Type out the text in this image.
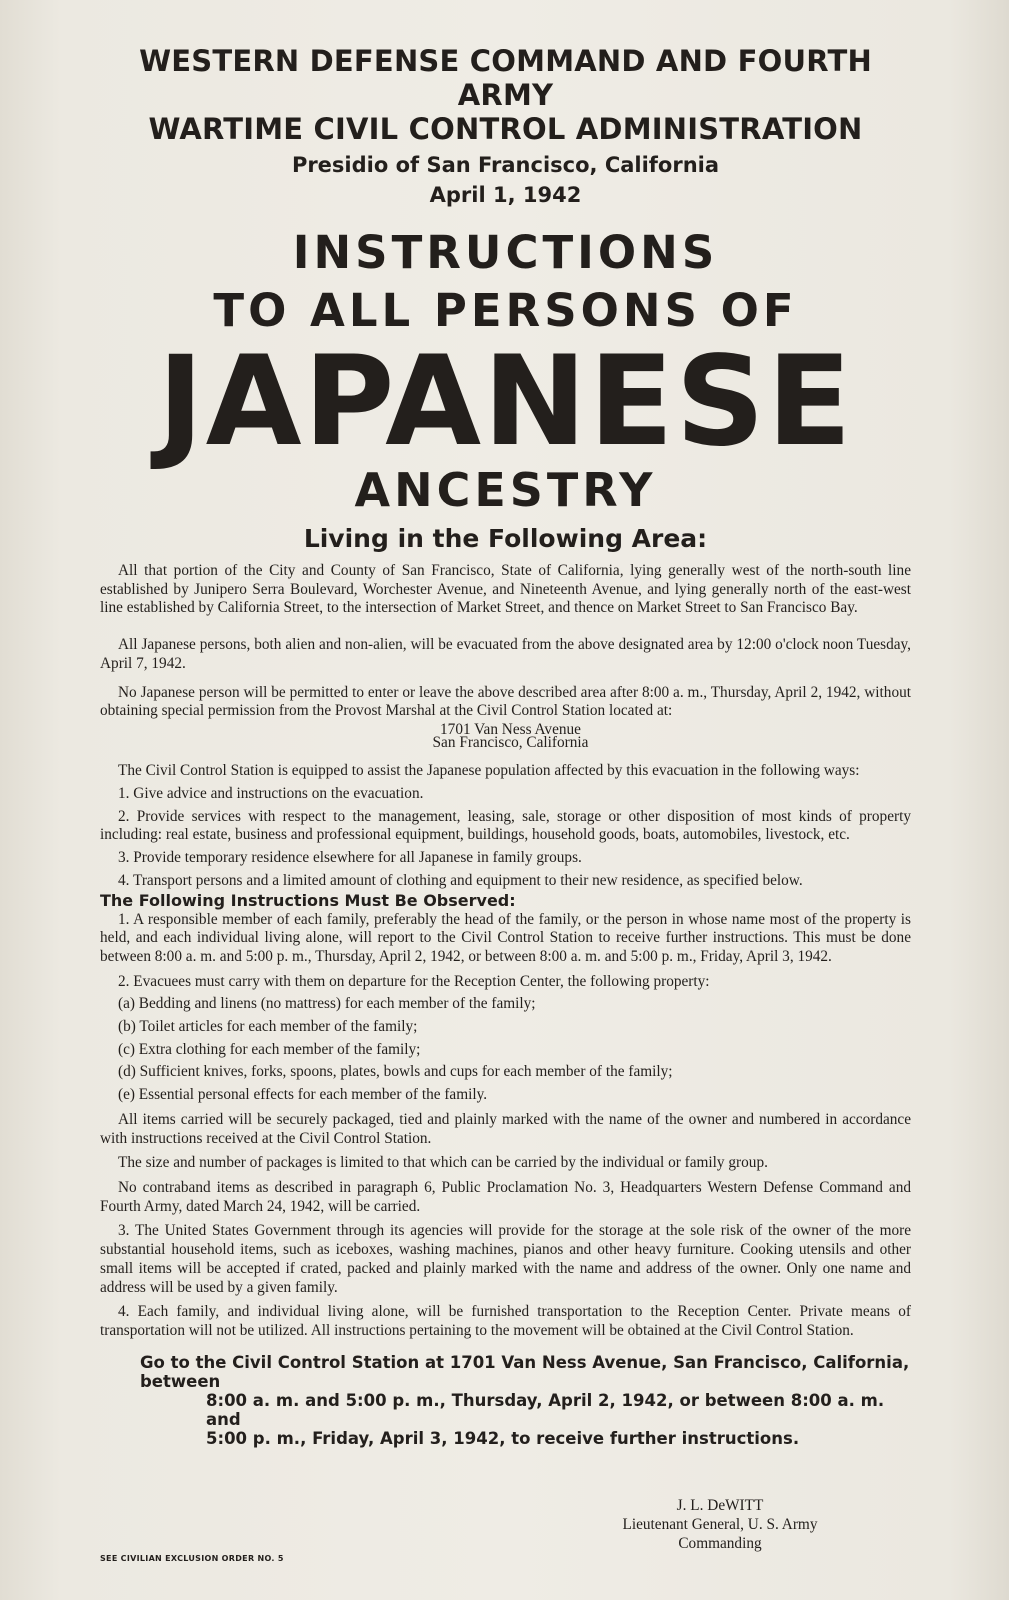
WESTERN DEFENSE COMMAND AND FOURTH ARMY
WARTIME CIVIL CONTROL ADMINISTRATION
Presidio of San Francisco, California
April 1, 1942
INSTRUCTIONS
TO ALL PERSONS OF
JAPANESE
ANCESTRY
Living in the Following Area:

All that portion of the City and County of San Francisco, State of California, lying generally west of the north-south line established by Junipero Serra Boulevard, Worchester Avenue, and Nineteenth Avenue, and lying generally north of the east-west line established by California Street, to the intersection of Market Street, and thence on Market Street to San Francisco Bay.

All Japanese persons, both alien and non-alien, will be evacuated from the above designated area by 12:00 o'clock noon Tuesday, April 7, 1942.

No Japanese person will be permitted to enter or leave the above described area after 8:00 a. m., Thursday, April 2, 1942, without obtaining special permission from the Provost Marshal at the Civil Control Station located at:

1701 Van Ness Avenue

San Francisco, California

The Civil Control Station is equipped to assist the Japanese population affected by this evacuation in the following ways:

1. Give advice and instructions on the evacuation.

2. Provide services with respect to the management, leasing, sale, storage or other disposition of most kinds of property including: real estate, business and professional equipment, buildings, household goods, boats, automobiles, livestock, etc.

3. Provide temporary residence elsewhere for all Japanese in family groups.

4. Transport persons and a limited amount of clothing and equipment to their new residence, as specified below.

The Following Instructions Must Be Observed:

1. A responsible member of each family, preferably the head of the family, or the person in whose name most of the property is held, and each individual living alone, will report to the Civil Control Station to receive further instructions. This must be done between 8:00 a. m. and 5:00 p. m., Thursday, April 2, 1942, or between 8:00 a. m. and 5:00 p. m., Friday, April 3, 1942.

2. Evacuees must carry with them on departure for the Reception Center, the following property:

(a) Bedding and linens (no mattress) for each member of the family;

(b) Toilet articles for each member of the family;

(c) Extra clothing for each member of the family;

(d) Sufficient knives, forks, spoons, plates, bowls and cups for each member of the family;

(e) Essential personal effects for each member of the family.

All items carried will be securely packaged, tied and plainly marked with the name of the owner and numbered in accordance with instructions received at the Civil Control Station.

The size and number of packages is limited to that which can be carried by the individual or family group.

No contraband items as described in paragraph 6, Public Proclamation No. 3, Headquarters Western Defense Command and Fourth Army, dated March 24, 1942, will be carried.

3. The United States Government through its agencies will provide for the storage at the sole risk of the owner of the more substantial household items, such as iceboxes, washing machines, pianos and other heavy furniture. Cooking utensils and other small items will be accepted if crated, packed and plainly marked with the name and address of the owner. Only one name and address will be used by a given family.

4. Each family, and individual living alone, will be furnished transportation to the Reception Center. Private means of transportation will not be utilized. All instructions pertaining to the movement will be obtained at the Civil Control Station.

Go to the Civil Control Station at 1701 Van Ness Avenue, San Francisco, California, between
8:00 a. m. and 5:00 p. m., Thursday, April 2, 1942, or between 8:00 a. m. and
5:00 p. m., Friday, April 3, 1942, to receive further instructions.
J. L. DeWITT
Lieutenant General, U. S. Army
Commanding
SEE CIVILIAN EXCLUSION ORDER NO. 5
